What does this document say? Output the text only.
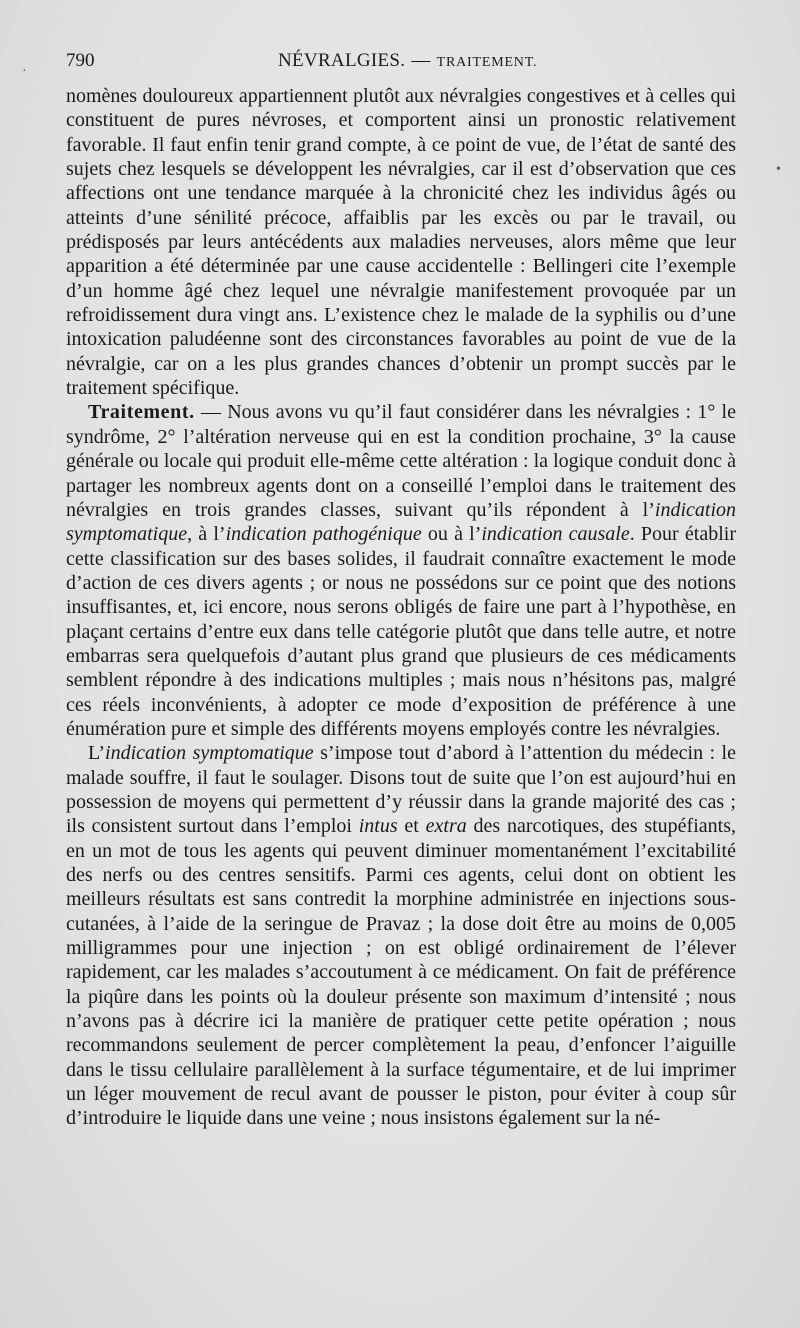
·
•
790	NÉVRALGIES. — TRAITEMENT.

nomènes douloureux appartiennent plutôt aux névralgies congestives et à celles qui constituent de pures névroses, et comportent ainsi un pronostic relativement favorable. Il faut enfin tenir grand compte, à ce point de vue, de l’état de santé des sujets chez lesquels se développent les névralgies, car il est d’observation que ces affections ont une tendance marquée à la chronicité chez les individus âgés ou atteints d’une sénilité précoce, affaiblis par les excès ou par le travail, ou prédisposés par leurs antécédents aux maladies nerveuses, alors même que leur apparition a été déterminée par une cause accidentelle : Bellingeri cite l’exemple d’un homme âgé chez lequel une névralgie manifestement provoquée par un refroidissement dura vingt ans. L’existence chez le malade de la syphilis ou d’une intoxication paludéenne sont des circonstances favorables au point de vue de la névralgie, car on a les plus grandes chances d’obtenir un prompt succès par le traitement spécifique.

Traitement. — Nous avons vu qu’il faut considérer dans les névralgies : 1° le syndrôme, 2° l’altération nerveuse qui en est la condition prochaine, 3° la cause générale ou locale qui produit elle-même cette altération : la logique conduit donc à partager les nombreux agents dont on a conseillé l’emploi dans le traitement des névralgies en trois grandes classes, suivant qu’ils répondent à l’indication symptomatique, à l’indication pathogénique ou à l’indication causale. Pour établir cette classification sur des bases solides, il faudrait connaître exactement le mode d’action de ces divers agents ; or nous ne possédons sur ce point que des notions insuffisantes, et, ici encore, nous serons obligés de faire une part à l’hypothèse, en plaçant certains d’entre eux dans telle catégorie plutôt que dans telle autre, et notre embarras sera quelquefois d’autant plus grand que plusieurs de ces médicaments semblent répondre à des indications multiples ; mais nous n’hésitons pas, malgré ces réels inconvénients, à adopter ce mode d’exposition de préférence à une énumération pure et simple des différents moyens employés contre les névralgies.

L’indication symptomatique s’impose tout d’abord à l’attention du médecin : le malade souffre, il faut le soulager. Disons tout de suite que l’on est aujourd’hui en possession de moyens qui permettent d’y réussir dans la grande majorité des cas ; ils consistent surtout dans l’emploi intus et extra des narcotiques, des stupéfiants, en un mot de tous les agents qui peuvent diminuer momentanément l’excitabilité des nerfs ou des centres sensitifs. Parmi ces agents, celui dont on obtient les meilleurs résultats est sans contredit la morphine administrée en injections sous-cutanées, à l’aide de la seringue de Pravaz ; la dose doit être au moins de 0,005 milligrammes pour une injection ; on est obligé ordinairement de l’élever rapidement, car les malades s’accoutument à ce médicament. On fait de préférence la piqûre dans les points où la douleur présente son maximum d’intensité ; nous n’avons pas à décrire ici la manière de pratiquer cette petite opération ; nous recommandons seulement de percer complètement la peau, d’enfoncer l’aiguille dans le tissu cellulaire parallèlement à la surface tégumentaire, et de lui imprimer un léger mouvement de recul avant de pousser le piston, pour éviter à coup sûr d’introduire le liquide dans une veine ; nous insistons également sur la né-
